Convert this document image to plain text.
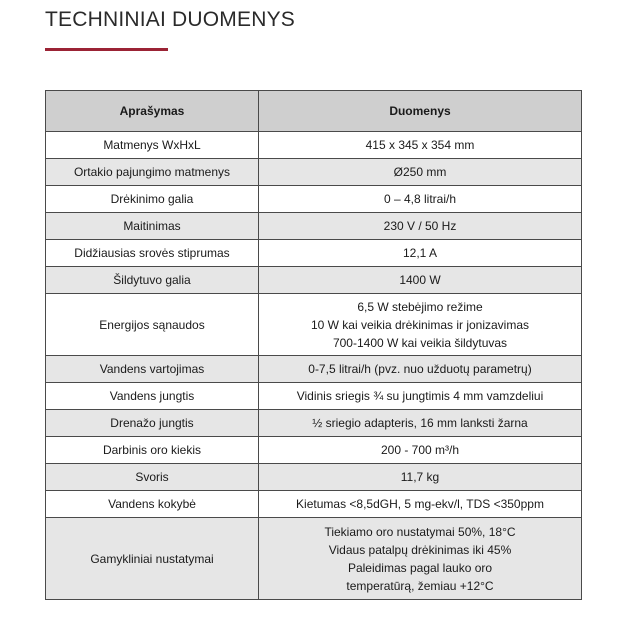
TECHNINIAI DUOMENYS
Aprašymas	Duomenys
Matmenys WxHxL	415 x 345 x 354 mm
Ortakio pajungimo matmenys	Ø250 mm
Drėkinimo galia	0 – 4,8 litrai/h
Maitinimas	230 V / 50 Hz
Didžiausias srovės stiprumas	12,1 A
Šildytuvo galia	1400 W
Energijos sąnaudos	6,5 W stebėjimo režime
10 W kai veikia drėkinimas ir jonizavimas
700-1400 W kai veikia šildytuvas

Vandens vartojimas	0-7,5 litrai/h (pvz. nuo užduotų parametrų)
Vandens jungtis	Vidinis sriegis ¾ su jungtimis 4 mm vamzdeliui
Drenažo jungtis	½ sriegio adapteris, 16 mm lanksti žarna
Darbinis oro kiekis	200 - 700 m³/h
Svoris	11,7 kg
Vandens kokybė	Kietumas <8,5dGH, 5 mg-ekv/l, TDS <350ppm
Gamykliniai nustatymai	Tiekiamo oro nustatymai 50%, 18°C
Vidaus patalpų drėkinimas iki 45%
Paleidimas pagal lauko oro
temperatūrą, žemiau +12°C
